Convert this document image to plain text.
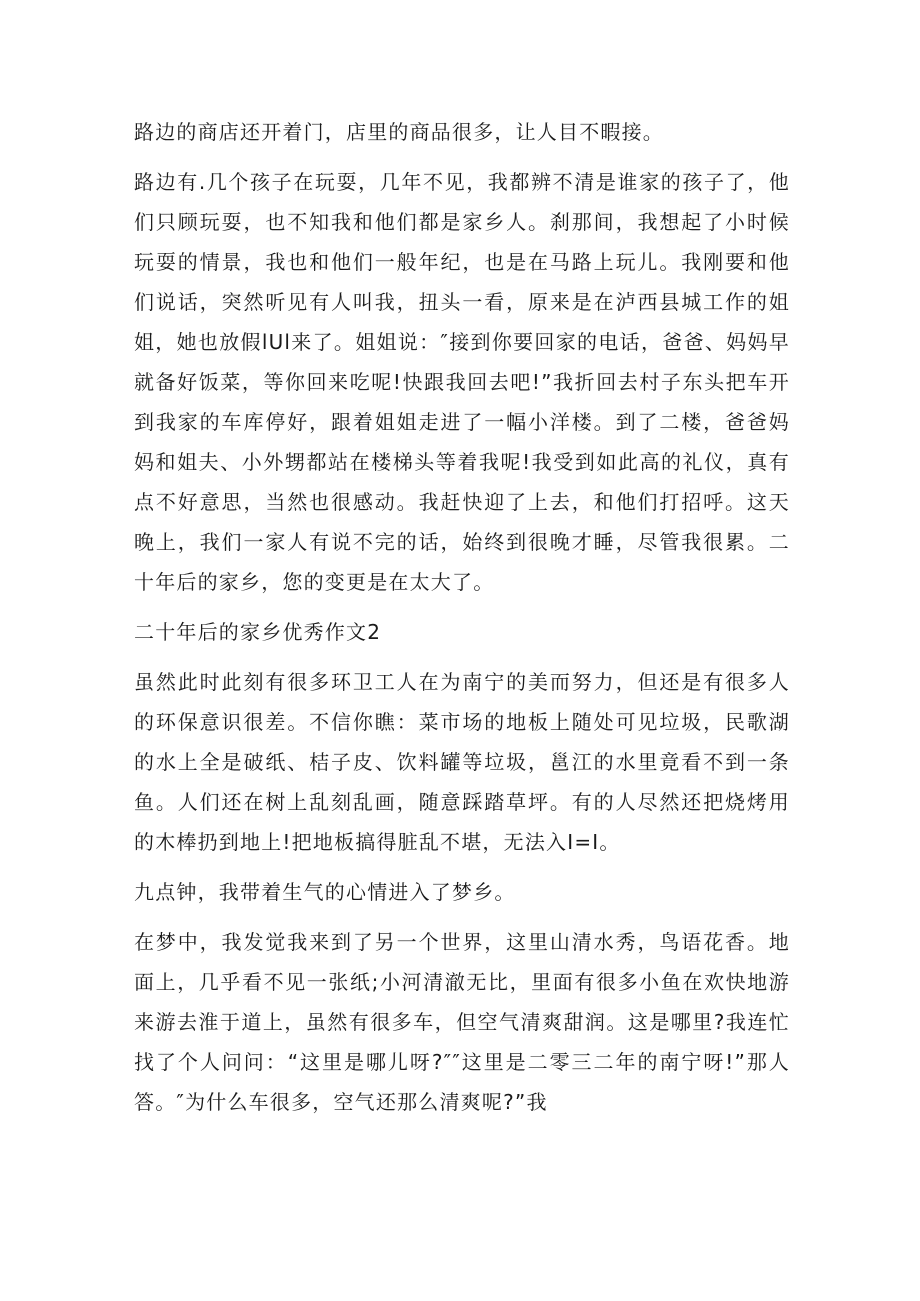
路边的商店还开着门，店里的商品很多，让人目不暇接。

路边有.几个孩子在玩耍，几年不见，我都辨不清是谁家的孩子了，他们只顾玩耍，也不知我和他们都是家乡人。刹那间，我想起了小时候玩耍的情景，我也和他们一般年纪，也是在马路上玩儿。我刚要和他们说话，突然听见有人叫我，扭头一看，原来是在泸西县城工作的姐姐，她也放假lUl来了。姐姐说：″接到你要回家的电话，爸爸、妈妈早就备好饭菜，等你回来吃呢!快跟我回去吧!”我折回去村子东头把车开到我家的车库停好，跟着姐姐走进了一幅小洋楼。到了二楼，爸爸妈妈和姐夫、小外甥都站在楼梯头等着我呢!我受到如此高的礼仪，真有点不好意思，当然也很感动。我赶快迎了上去，和他们打招呼。这天晚上，我们一家人有说不完的话，始终到很晚才睡，尽管我很累。二十年后的家乡，您的变更是在太大了。

二十年后的家乡优秀作文2

虽然此时此刻有很多环卫工人在为南宁的美而努力，但还是有很多人的环保意识很差。不信你瞧：菜市场的地板上随处可见垃圾，民歌湖的水上全是破纸、桔子皮、饮料罐等垃圾，邕江的水里竟看不到一条鱼。人们还在树上乱刻乱画，随意踩踏草坪。有的人尽然还把烧烤用的木棒扔到地上!把地板搞得脏乱不堪，无法入I=I。

九点钟，我带着生气的心情进入了梦乡。

在梦中，我发觉我来到了另一个世界，这里山清水秀，鸟语花香。地面上，几乎看不见一张纸;小河清澈无比，里面有很多小鱼在欢快地游来游去淮于道上，虽然有很多车，但空气清爽甜润。这是哪里?我连忙找了个人问问：“这里是哪儿呀?″″这里是二零三二年的南宁呀!”那人答。″为什么车很多，空气还那么清爽呢?”我
